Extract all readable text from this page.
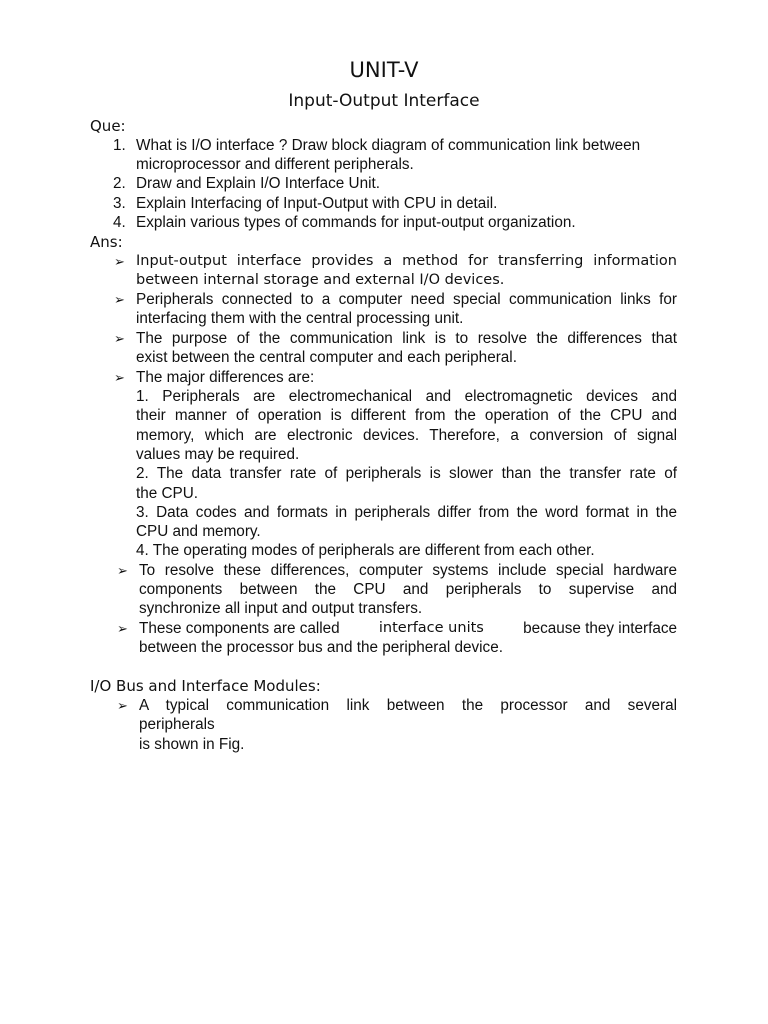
UNIT-V
Input-Output Interface
Que:
1. What is I/O interface ? Draw block diagram of communication link between
microprocessor and different peripherals.
2. Draw and Explain I/O Interface Unit.
3. Explain Interfacing of Input-Output with CPU in detail.
4. Explain various types of commands for input-output organization.
Ans:
➢ Input-output interface provides a method for transferring information
between internal storage and external I/O devices.
➢ Peripherals connected to a computer need special communication links for
interfacing them with the central processing unit.
➢ The purpose of the communication link is to resolve the differences that
exist between the central computer and each peripheral.
➢ The major differences are:
1. Peripherals are electromechanical and electromagnetic devices and
their manner of operation is different from the operation of the CPU and
memory, which are electronic devices. Therefore, a conversion of signal
values may be required.
2. The data transfer rate of peripherals is slower than the transfer rate of
the CPU.
3. Data codes and formats in peripherals differ from the word format in the
CPU and memory.
4. The operating modes of peripherals are different from each other.
➢ To resolve these differences, computer systems include special hardware
components between the CPU and peripherals to supervise and
synchronize all input and output transfers.
➢ These components are called	interface units	because they interface
between the processor bus and the peripheral device.
I/O Bus and Interface Modules:
➢ A typical communication link between the processor and several
peripherals
is shown in Fig.
